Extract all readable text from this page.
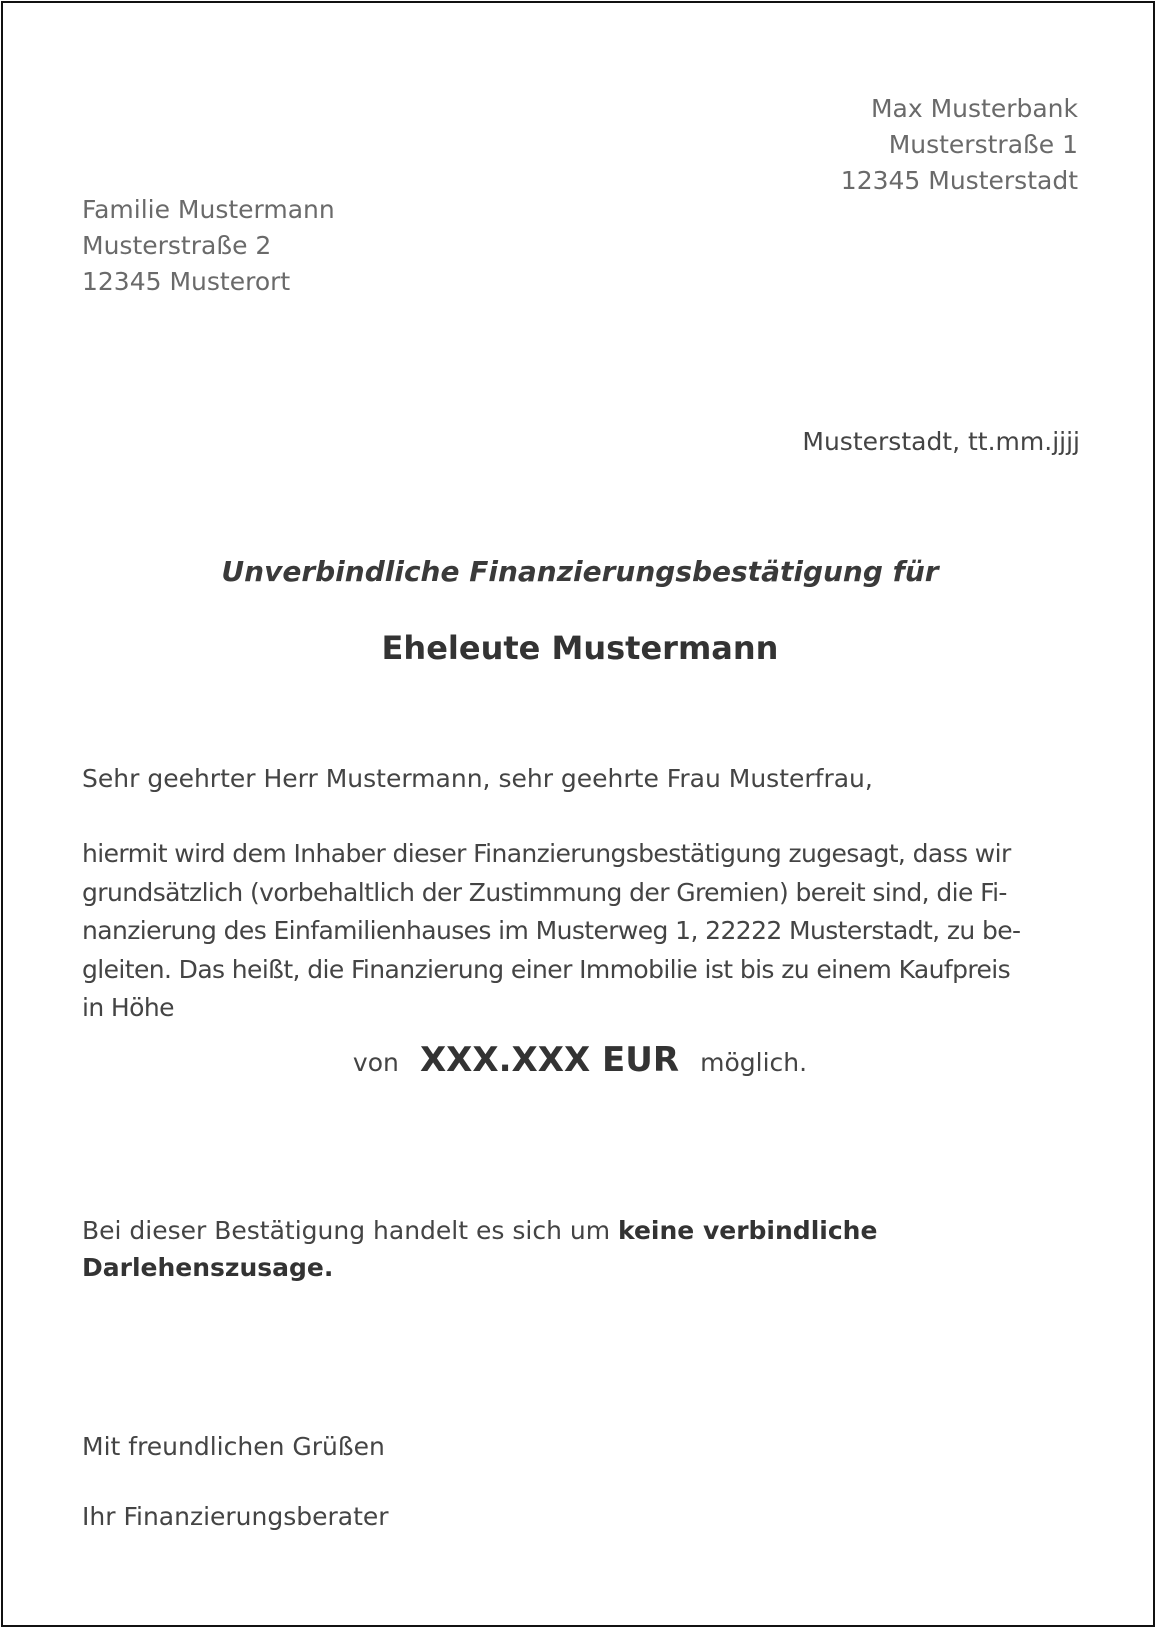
Max Musterbank
Musterstraße 1
12345 Musterstadt
Familie Mustermann
Musterstraße 2
12345 Musterort
Musterstadt, tt.mm.jjjj
Unverbindliche Finanzierungsbestätigung für
Eheleute Mustermann
Sehr geehrter Herr Mustermann, sehr geehrte Frau Musterfrau,
hiermit wird dem Inhaber dieser Finanzierungsbestätigung zugesagt, dass wir
grundsätzlich (vorbehaltlich der Zustimmung der Gremien) bereit sind, die Fi-
nanzierung des Einfamilienhauses im Musterweg 1, 22222 Musterstadt, zu be-
gleiten. Das heißt, die Finanzierung einer Immobilie ist bis zu einem Kaufpreis
in Höhe
von XXX.XXX EUR möglich.
Bei dieser Bestätigung handelt es sich um keine verbindliche
Darlehenszusage.
Mit freundlichen Grüßen
Ihr Finanzierungsberater
